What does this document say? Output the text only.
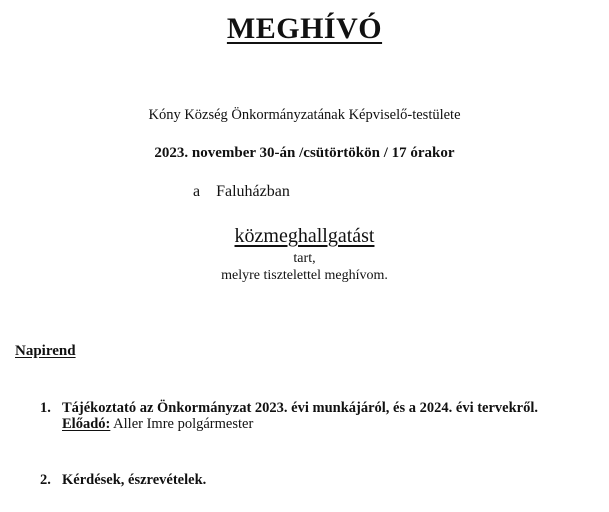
MEGHÍVÓ
Kóny Község Önkormányzatának Képviselő-testülete
2023. november 30-án /csütörtökön / 17 órakor
a Faluházban
közmeghallgatást
tart,
melyre tisztelettel meghívom.
Napirend
1. Tájékoztató az Önkormányzat 2023. évi munkájáról, és a 2024. évi tervekről.
Előadó: Aller Imre polgármester
2. Kérdések, észrevételek.
